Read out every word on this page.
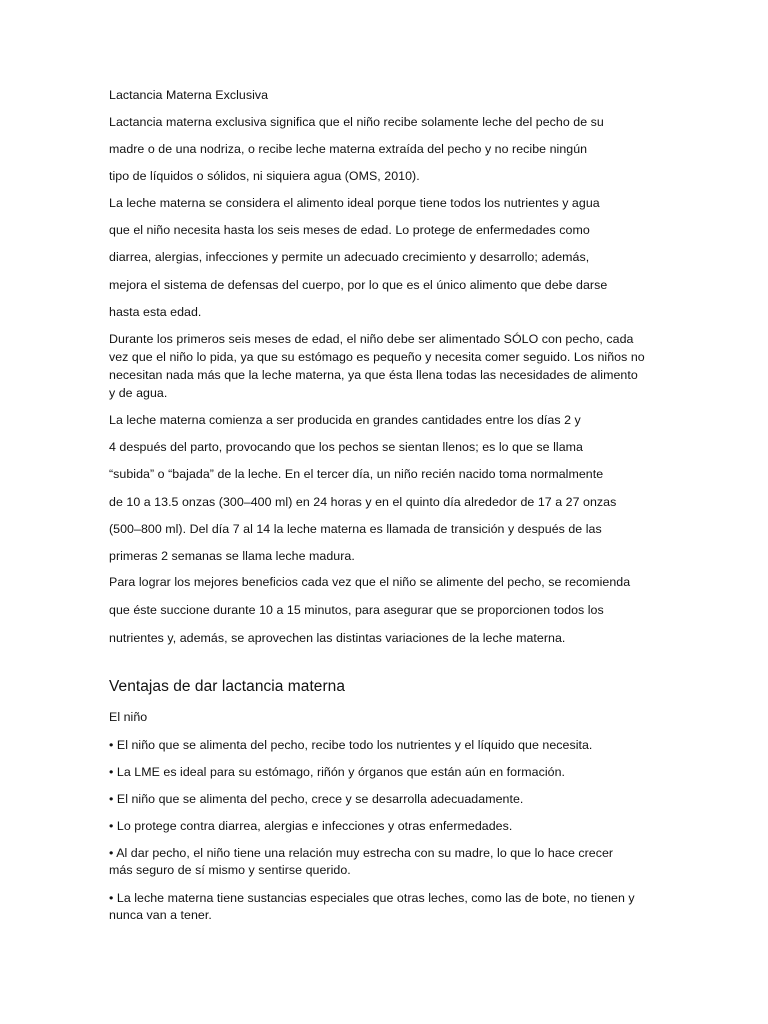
Lactancia Materna Exclusiva
Lactancia materna exclusiva significa que el niño recibe solamente leche del pecho de su
madre o de una nodriza, o recibe leche materna extraída del pecho y no recibe ningún
tipo de líquidos o sólidos, ni siquiera agua (OMS, 2010).
La leche materna se considera el alimento ideal porque tiene todos los nutrientes y agua
que el niño necesita hasta los seis meses de edad. Lo protege de enfermedades como
diarrea, alergias, infecciones y permite un adecuado crecimiento y desarrollo; además,
mejora el sistema de defensas del cuerpo, por lo que es el único alimento que debe darse
hasta esta edad.
Durante los primeros seis meses de edad, el niño debe ser alimentado SÓLO con pecho, cada
vez que el niño lo pida, ya que su estómago es pequeño y necesita comer seguido. Los niños no
necesitan nada más que la leche materna, ya que ésta llena todas las necesidades de alimento
y de agua.
La leche materna comienza a ser producida en grandes cantidades entre los días 2 y
4 después del parto, provocando que los pechos se sientan llenos; es lo que se llama
“subida” o “bajada” de la leche. En el tercer día, un niño recién nacido toma normalmente
de 10 a 13.5 onzas (300–400 ml) en 24 horas y en el quinto día alrededor de 17 a 27 onzas
(500–800 ml). Del día 7 al 14 la leche materna es llamada de transición y después de las
primeras 2 semanas se llama leche madura.
Para lograr los mejores beneficios cada vez que el niño se alimente del pecho, se recomienda
que éste succione durante 10 a 15 minutos, para asegurar que se proporcionen todos los
nutrientes y, además, se aprovechen las distintas variaciones de la leche materna.
Ventajas de dar lactancia materna
El niño
• El niño que se alimenta del pecho, recibe todo los nutrientes y el líquido que necesita.
• La LME es ideal para su estómago, riñón y órganos que están aún en formación.
• El niño que se alimenta del pecho, crece y se desarrolla adecuadamente.
• Lo protege contra diarrea, alergias e infecciones y otras enfermedades.
• Al dar pecho, el niño tiene una relación muy estrecha con su madre, lo que lo hace crecer
más seguro de sí mismo y sentirse querido.
• La leche materna tiene sustancias especiales que otras leches, como las de bote, no tienen y
nunca van a tener.
